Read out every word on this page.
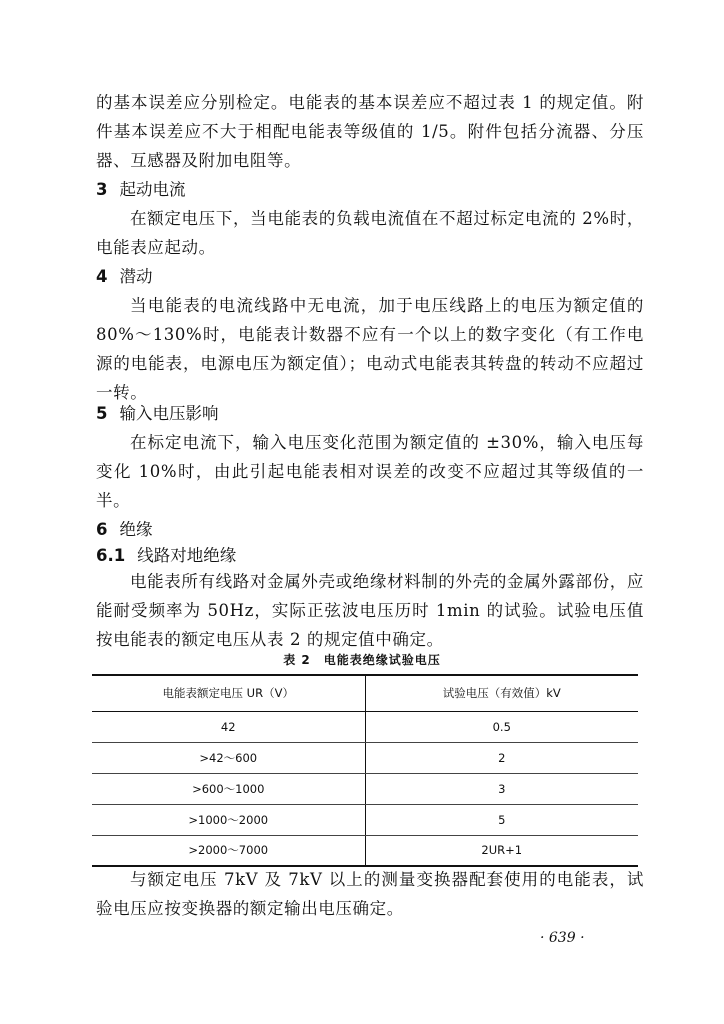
的基本误差应分别检定。电能表的基本误差应不超过表 1 的规定值。附件基本误差应不大于相配电能表等级值的 1/5。附件包括分流器、分压器、互感器及附加电阻等。

3 起动电流

在额定电压下，当电能表的负载电流值在不超过标定电流的 2%时，电能表应起动。

4 潜动

当电能表的电流线路中无电流，加于电压线路上的电压为额定值的 80%～130%时，电能表计数器不应有一个以上的数字变化（有工作电源的电能表，电源电压为额定值）；电动式电能表其转盘的转动不应超过一转。

5 输入电压影响

在标定电流下，输入电压变化范围为额定值的 ±30%，输入电压每变化 10%时，由此引起电能表相对误差的改变不应超过其等级值的一半。

6 绝缘

6.1 线路对地绝缘

电能表所有线路对金属外壳或绝缘材料制的外壳的金属外露部份，应能耐受频率为 50Hz，实际正弦波电压历时 1min 的试验。试验电压值按电能表的额定电压从表 2 的规定值中确定。

表 2　电能表绝缘试验电压
电能表额定电压 UR（V）	试验电压（有效值）kV
42	0.5
>42～600	2
>600～1000	3
>1000～2000	5
>2000～7000	2UR+1

与额定电压 7kV 及 7kV 以上的测量变换器配套使用的电能表，试验电压应按变换器的额定输出电压确定。

· 639 ·
